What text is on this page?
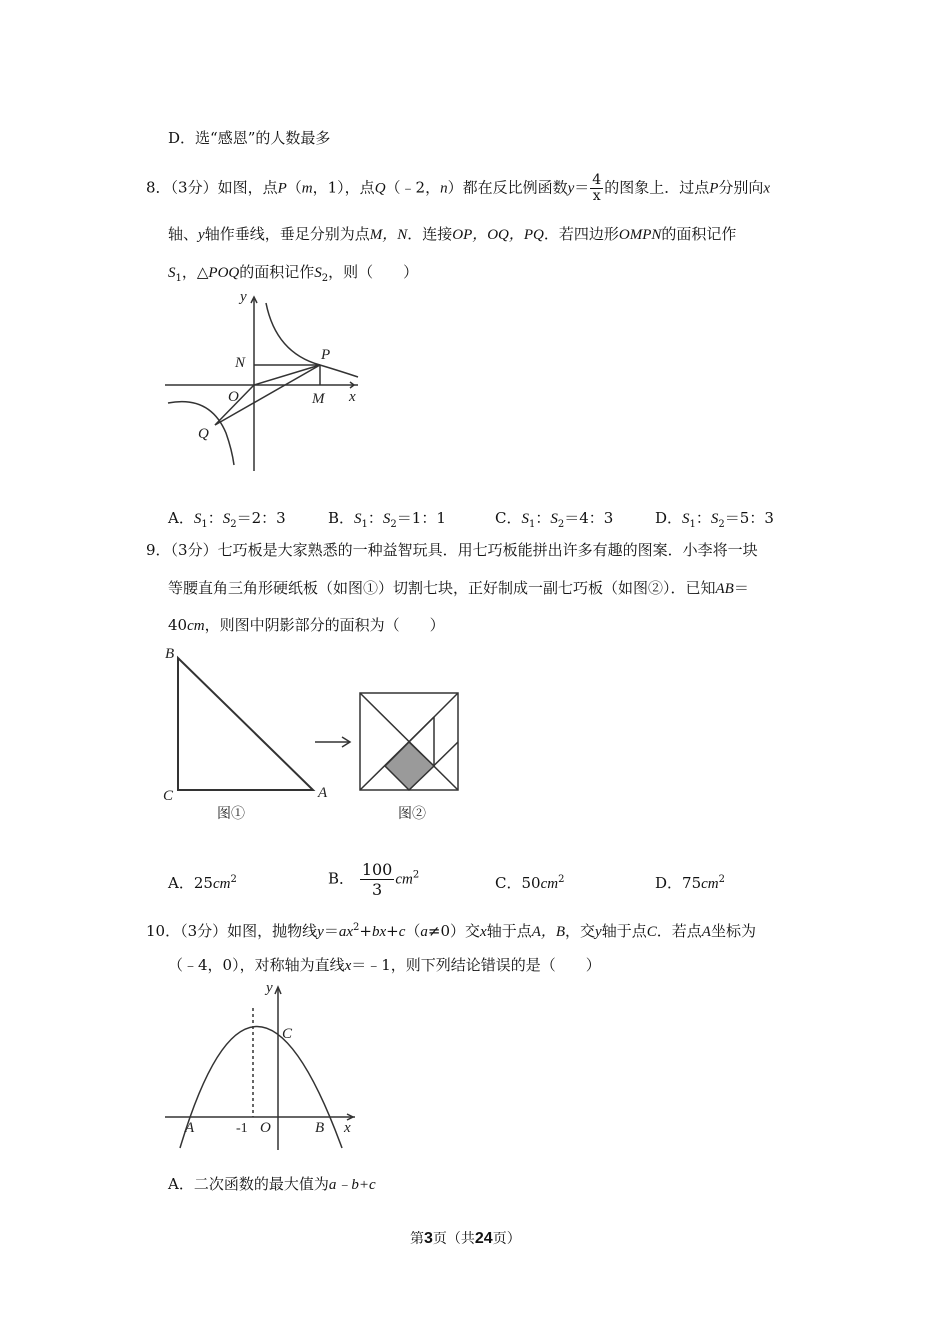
D．选“感恩”的人数最多
8．（3分）如图，点P（m，1），点Q（﹣2，n）都在反比例函数$y= \frac{4}{x}$ 的图象上．过点P分别向x
轴、y轴作垂线，垂足分别为点M，N．连接OP，OQ，PQ．若四边形OMPN的面积记作
$S_1$，△POQ的面积记作$S_2$，则（　　）
y
N	P
O	M x
Q
A．$S_1$：$S_2=2$：3	B．$S_1$：$S_2=1$：1	C．$S_1$：$S_2=4$：3	D．$S_1$：$S_2=5$：3
9．（3分）七巧板是大家熟悉的一种益智玩具．用七巧板能拼出许多有趣的图案．小李将一块
等腰直角三角形硬纸板（如图①）切割七块，正好制成一副七巧板（如图②）．已知AB＝
40cm，则图中阴影部分的面积为（　　）
B
C	A
图①	图②
A．$25cm^2$	B． $\frac{100}{3} cm^2$	C．$50cm^2$	D．$75cm^2$
10．（3分）如图，抛物线$y=ax^2+bx+c(a\ne 0)$交x轴于点A，B，交y轴于点C．若点A坐标为
（﹣4，0），对称轴为直线x＝﹣1，则下列结论错误的是（　　）
y
C
A	O	B x
-1
A．二次函数的最大值为a﹣b+c
第3页（共24页）
